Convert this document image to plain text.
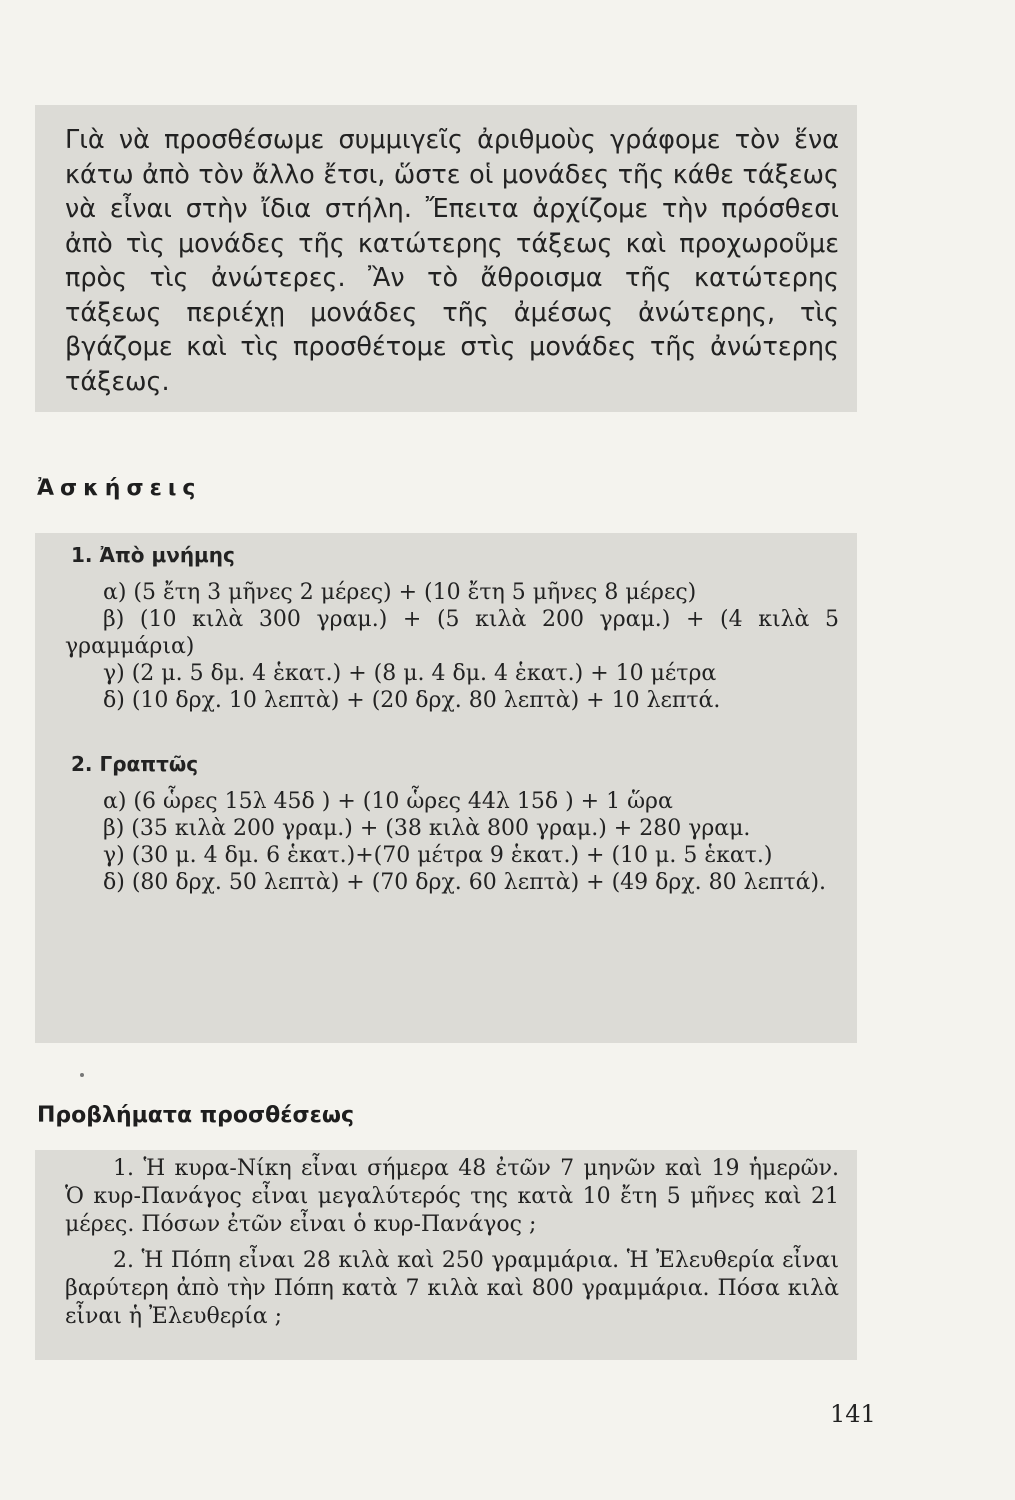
Γιὰ νὰ προσθέσωμε συμμιγεῖς ἀριθμοὺς γράφομε τὸν ἕνα κάτω ἀπὸ τὸν ἄλλο ἔτσι, ὥστε οἱ μονάδες τῆς κάθε τάξεως νὰ εἶναι στὴν ἴδια στήλη. Ἔπειτα ἀρχίζομε τὴν πρόσθεσι ἀπὸ τὶς μονάδες τῆς κατώτερης τάξεως καὶ προχωροῦμε πρὸς τὶς ἀνώτερες. Ἂν τὸ ἄθροισμα τῆς κατώτερης τάξεως περιέχῃ μονάδες τῆς ἀμέσως ἀνώτερης, τὶς βγάζομε καὶ τὶς προσθέτομε στὶς μονάδες τῆς ἀνώτερης τάξεως.

Ἀσκήσεις
1. Ἀπὸ μνήμης

α) (5 ἔτη 3 μῆνες 2 μέρες) + (10 ἔτη 5 μῆνες 8 μέρες)

β) (10 κιλὰ 300 γραμ.) + (5 κιλὰ 200 γραμ.) + (4 κιλὰ 5 γραμμάρια)

γ) (2 μ. 5 δμ. 4 ἑκατ.) + (8 μ. 4 δμ. 4 ἑκατ.) + 10 μέτρα

δ) (10 δρχ. 10 λεπτὰ) + (20 δρχ. 80 λεπτὰ) + 10 λεπτά.

2. Γραπτῶς

α) (6 ὧρες 15λ 45δ ) + (10 ὧρες 44λ 15δ ) + 1 ὥρα

β) (35 κιλὰ 200 γραμ.) + (38 κιλὰ 800 γραμ.) + 280 γραμ.

γ) (30 μ. 4 δμ. 6 ἑκατ.)+(70 μέτρα 9 ἑκατ.) + (10 μ. 5 ἑκατ.)

δ) (80 δρχ. 50 λεπτὰ) + (70 δρχ. 60 λεπτὰ) + (49 δρχ. 80 λεπτά).

Προβλήματα προσθέσεως

1. Ἡ κυρα-Νίκη εἶναι σήμερα 48 ἐτῶν 7 μηνῶν καὶ 19 ἡμερῶν. Ὁ κυρ-Πανάγος εἶναι μεγαλύτερός της κατὰ 10 ἔτη 5 μῆνες καὶ 21 μέρες. Πόσων ἐτῶν εἶναι ὁ κυρ-Πανάγος ;

2. Ἡ Πόπη εἶναι 28 κιλὰ καὶ 250 γραμμάρια. Ἡ Ἐλευθερία εἶναι βαρύτερη ἀπὸ τὴν Πόπη κατὰ 7 κιλὰ καὶ 800 γραμμάρια. Πόσα κιλὰ εἶναι ἡ Ἐλευθερία ;

141
